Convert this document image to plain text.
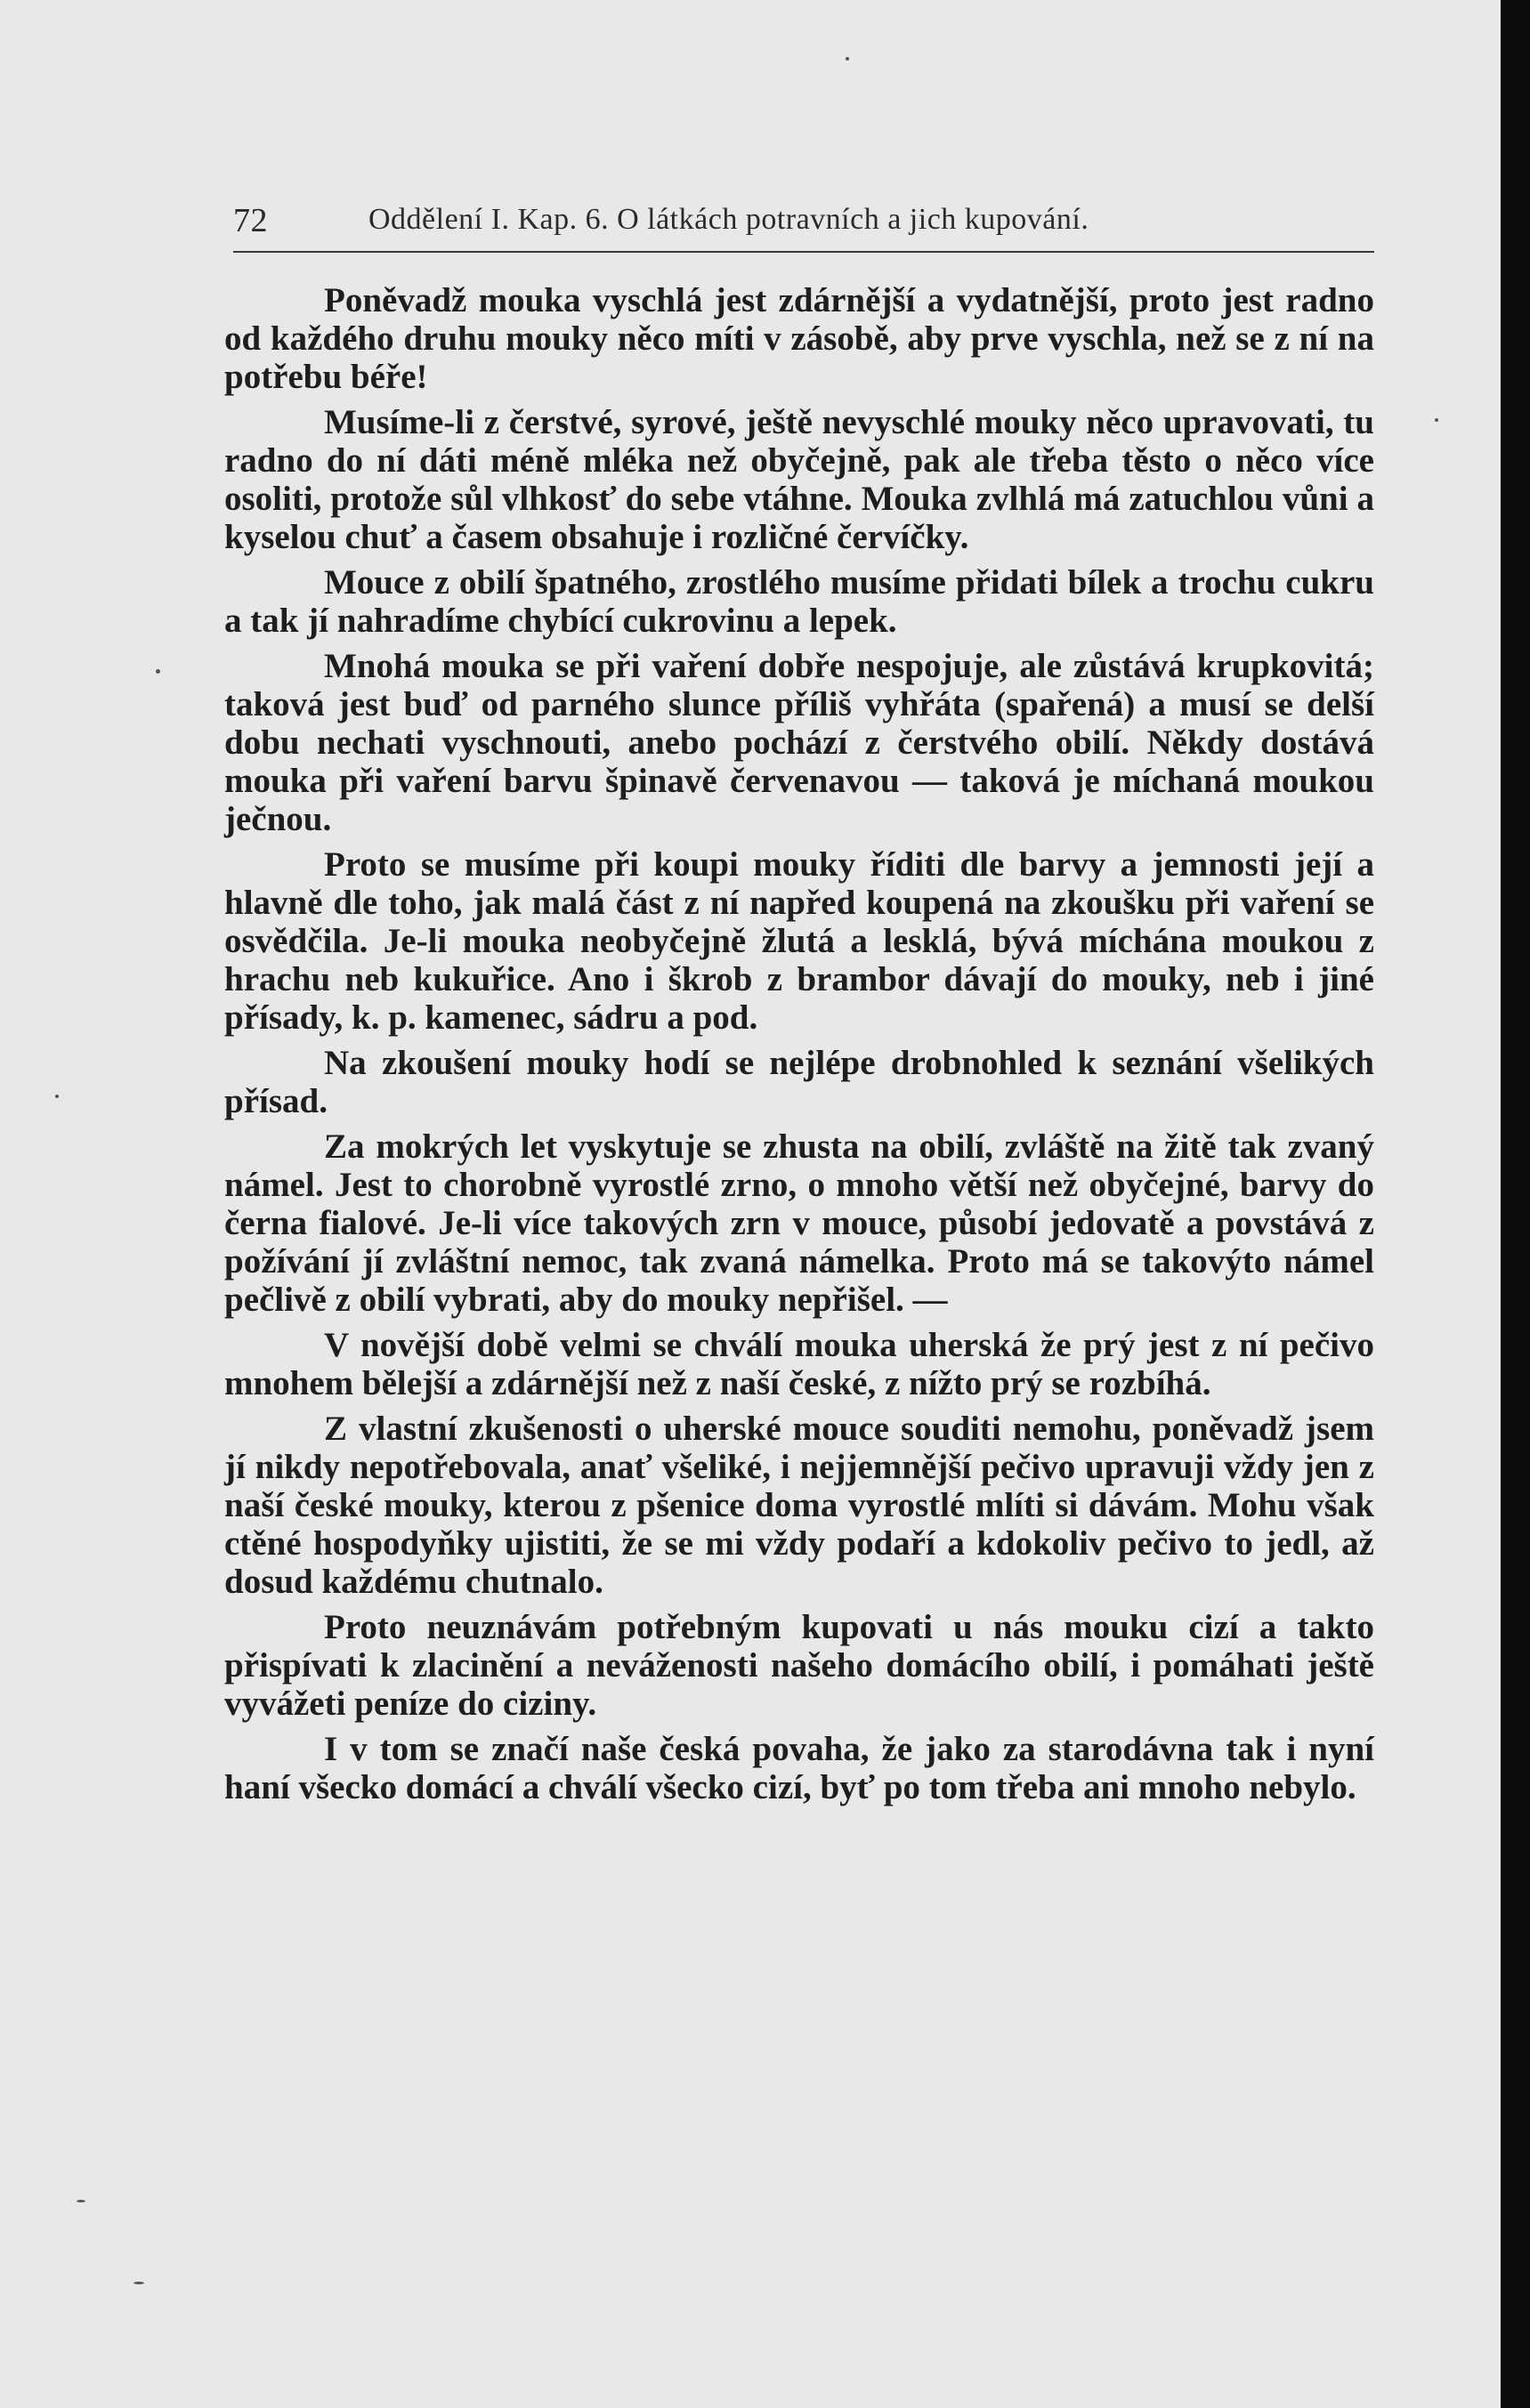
72	Oddělení I. Kap. 6. O látkách potravních a jich kupování.

Poněvadž mouka vyschlá jest zdárnější a vydatnější, proto jest radno od každého druhu mouky něco míti v zásobě, aby prve vyschla, než se z ní na potřebu béře!

Musíme-li z čerstvé, syrové, ještě nevyschlé mouky něco upravovati, tu radno do ní dáti méně mléka než obyčejně, pak ale třeba těsto o něco více osoliti, protože sůl vlhkosť do sebe vtáhne. Mouka zvlhlá má zatuchlou vůni a kyselou chuť a časem obsahuje i rozličné červíčky.

Mouce z obilí špatného, zrostlého musíme přidati bílek a trochu cukru a tak jí nahradíme chybící cukrovinu a lepek.

Mnohá mouka se při vaření dobře nespojuje, ale zůstává krupkovitá; taková jest buď od parného slunce příliš vyhřáta (spařená) a musí se delší dobu nechati vyschnouti, anebo pochází z čerstvého obilí. Někdy dostává mouka při vaření barvu špinavě červenavou — taková je míchaná moukou ječnou.

Proto se musíme při koupi mouky říditi dle barvy a jemnosti její a hlavně dle toho, jak malá část z ní napřed koupená na zkoušku při vaření se osvědčila. Je-li mouka neobyčejně žlutá a lesklá, bývá míchána moukou z hrachu neb kukuřice. Ano i škrob z brambor dávají do mouky, neb i jiné přísady, k. p. kamenec, sádru a pod.

Na zkoušení mouky hodí se nejlépe drobnohled k seznání všelikých přísad.

Za mokrých let vyskytuje se zhusta na obilí, zvláště na žitě tak zvaný námel. Jest to chorobně vyrostlé zrno, o mnoho větší než obyčejné, barvy do černa fialové. Je-li více takových zrn v mouce, působí jedovatě a povstává z požívání jí zvláštní nemoc, tak zvaná námelka. Proto má se takovýto námel pečlivě z obilí vybrati, aby do mouky nepřišel. —

V novější době velmi se chválí mouka uherská že prý jest z ní pečivo mnohem bělejší a zdárnější než z naší české, z nížto prý se rozbíhá.

Z vlastní zkušenosti o uherské mouce souditi nemohu, poněvadž jsem jí nikdy nepotřebovala, anať všeliké, i nejjemnější pečivo upravuji vždy jen z naší české mouky, kterou z pšenice doma vyrostlé mlíti si dávám. Mohu však ctěné hospodyňky ujistiti, že se mi vždy podaří a kdokoliv pečivo to jedl, až dosud každému chutnalo.

Proto neuznávám potřebným kupovati u nás mouku cizí a takto přispívati k zlacinění a neváženosti našeho domácího obilí, i pomáhati ještě vyvážeti peníze do ciziny.

I v tom se značí naše česká povaha, že jako za starodávna tak i nyní haní všecko domácí a chválí všecko cizí, byť po tom třeba ani mnoho nebylo.
